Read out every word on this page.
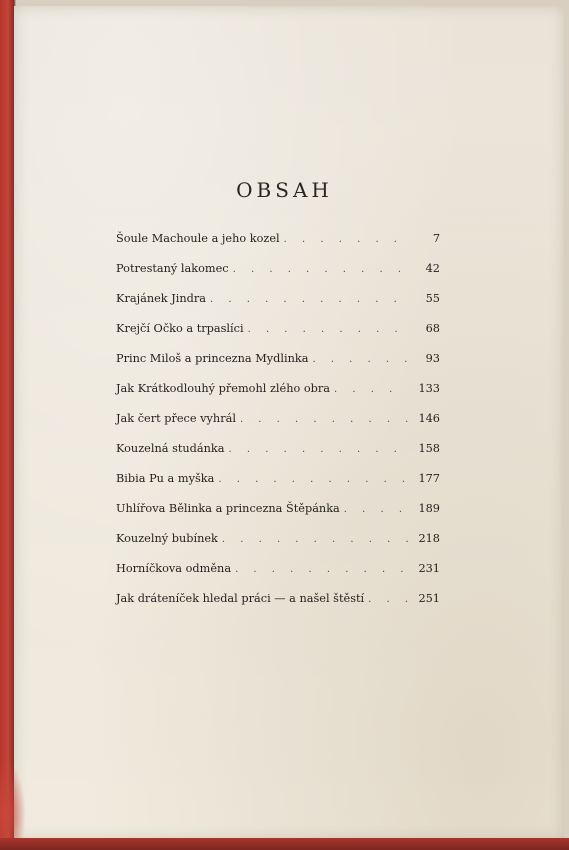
OBSAH
Šoule Machoule a jeho kozel . . .	7
Potrestaný lakomec . . .	42
Krajánek Jindra . . .	55
Krejčí Očko a trpaslíci . . .	68
Princ Miloš a princezna Mydlinka . . .	93
Jak Krátkodlouhý přemohl zlého obra . . .	133
Jak čert přece vyhrál . . .	146
Kouzelná studánka . . .	158
Bibia Pu a myška . . .	177
Uhlířova Bělinka a princezna Štěpánka . . .	189
Kouzelný bubínek . . .	218
Horníčkova odměna . . .	231
Jak dráteníček hledal práci — a našel štěstí . . .	251
